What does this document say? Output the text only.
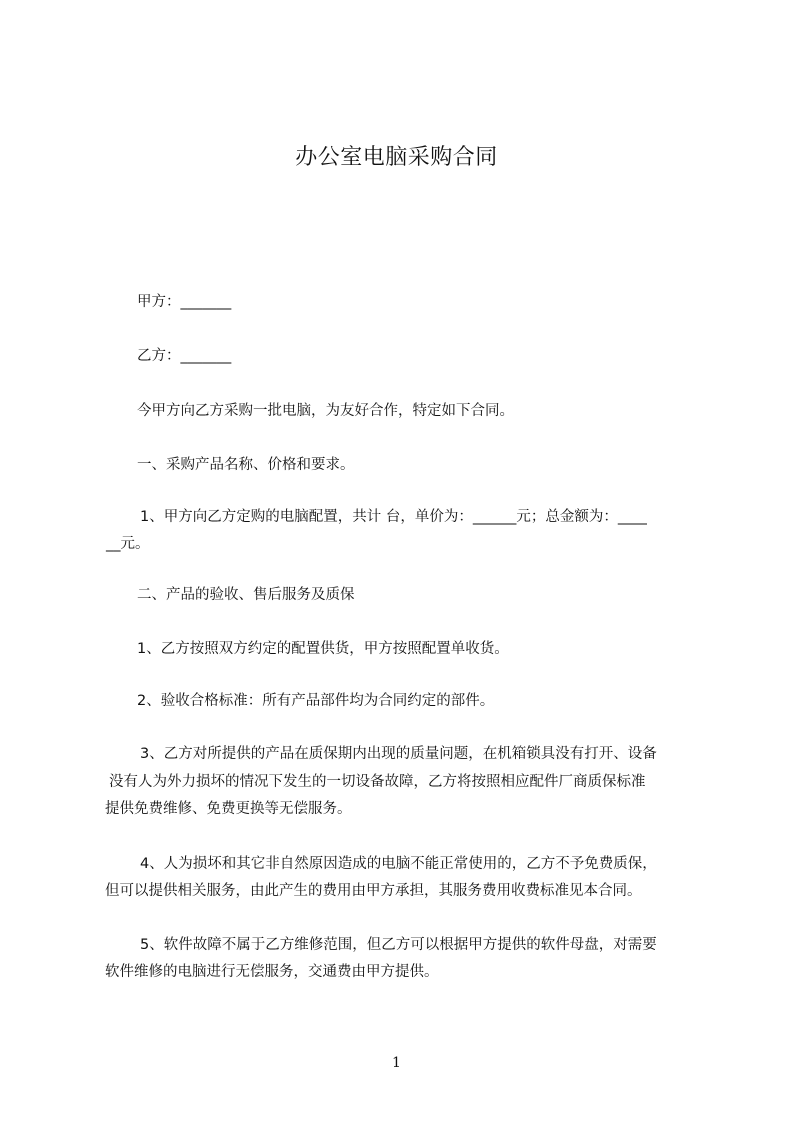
办公室电脑采购合同
甲方：_______
乙方：_______
今甲方向乙方采购一批电脑，为友好合作，特定如下合同。
一、采购产品名称、价格和要求。
1、甲方向乙方定购的电脑配置，共计 台，单价为：______元；总金额为：____
__元。
二、产品的验收、售后服务及质保
1、乙方按照双方约定的配置供货，甲方按照配置单收货。
2、验收合格标准：所有产品部件均为合同约定的部件。
3、乙方对所提供的产品在质保期内出现的质量问题，在机箱锁具没有打开、设备
没有人为外力损坏的情况下发生的一切设备故障，乙方将按照相应配件厂商质保标准
提供免费维修、免费更换等无偿服务。
4、人为损坏和其它非自然原因造成的电脑不能正常使用的，乙方不予免费质保，
但可以提供相关服务，由此产生的费用由甲方承担，其服务费用收费标准见本合同。
5、软件故障不属于乙方维修范围，但乙方可以根据甲方提供的软件母盘，对需要
软件维修的电脑进行无偿服务，交通费由甲方提供。
1
